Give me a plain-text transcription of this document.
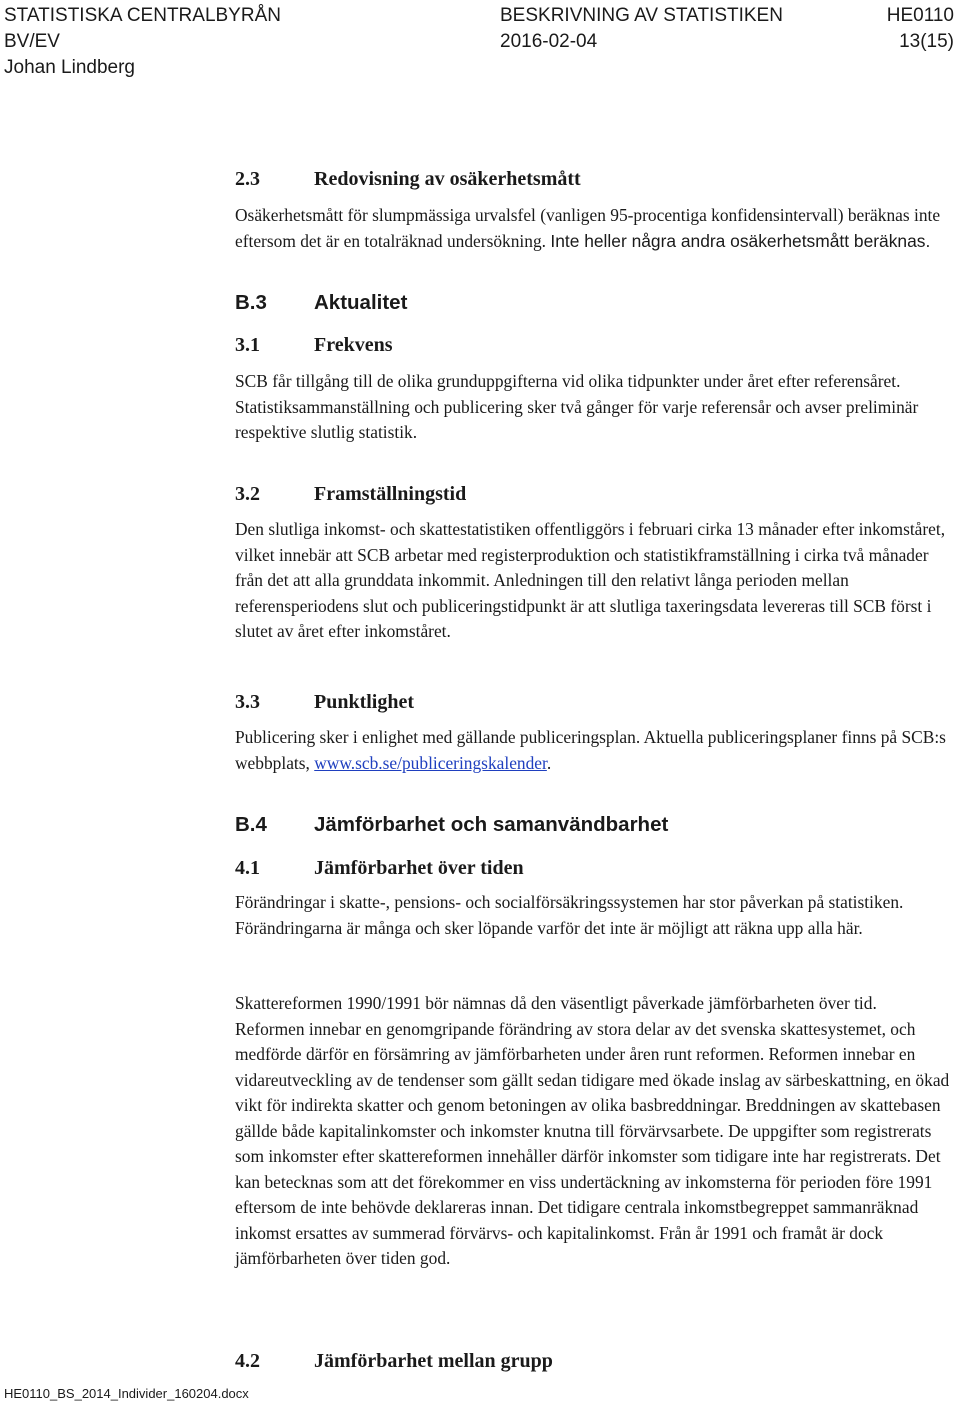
STATISTISKA CENTRALBYRÅN
BV/EV
Johan Lindberg
BESKRIVNING AV STATISTIKEN
2016-02-04
HE0110
13(15)
2.3	Redovisning av osäkerhetsmått

Osäkerhetsmått för slumpmässiga urvalsfel (vanligen 95-procentiga konfidensintervall) beräknas inte eftersom det är en totalräknad undersökning. Inte heller några andra osäkerhetsmått beräknas.

B.3 Aktualitet
3.1	Frekvens

SCB får tillgång till de olika grunduppgifterna vid olika tidpunkter under året efter referensåret. Statistiksammanställning och publicering sker två gånger för varje referensår och avser preliminär respektive slutlig statistik.

3.2	Framställningstid

Den slutliga inkomst- och skattestatistiken offentliggörs i februari cirka 13 månader efter inkomståret, vilket innebär att SCB arbetar med registerproduktion och statistikframställning i cirka två månader från det att alla grunddata inkommit. Anledningen till den relativt långa perioden mellan referensperiodens slut och publiceringstidpunkt är att slutliga taxeringsdata levereras till SCB först i slutet av året efter inkomståret.

3.3	Punktlighet

Publicering sker i enlighet med gällande publiceringsplan. Aktuella publiceringsplaner finns på SCB:s webbplats, www.scb.se/publiceringskalender.

B.4 Jämförbarhet och samanvändbarhet
4.1	Jämförbarhet över tiden

Förändringar i skatte-, pensions- och socialförsäkringssystemen har stor påverkan på statistiken. Förändringarna är många och sker löpande varför det inte är möjligt att räkna upp alla här.

Skattereformen 1990/1991 bör nämnas då den väsentligt påverkade jämförbarheten över tid. Reformen innebar en genomgripande förändring av stora delar av det svenska skattesystemet, och medförde därför en försämring av jämförbarheten under åren runt reformen. Reformen innebar en vidareutveckling av de tendenser som gällt sedan tidigare med ökade inslag av särbeskattning, en ökad vikt för indirekta skatter och genom betoningen av olika basbreddningar. Breddningen av skattebasen gällde både kapitalinkomster och inkomster knutna till förvärvsarbete. De uppgifter som registrerats som inkomster efter skattereformen innehåller därför inkomster som tidigare inte har registrerats. Det kan betecknas som att det förekommer en viss undertäckning av inkomsterna för perioden före 1991 eftersom de inte behövde deklareras innan. Det tidigare centrala inkomstbegreppet sammanräknad inkomst ersattes av summerad förvärvs- och kapitalinkomst. Från år 1991 och framåt är dock jämförbarheten över tiden god.

4.2	Jämförbarhet mellan grupp
HE0110_BS_2014_Individer_160204.docx
